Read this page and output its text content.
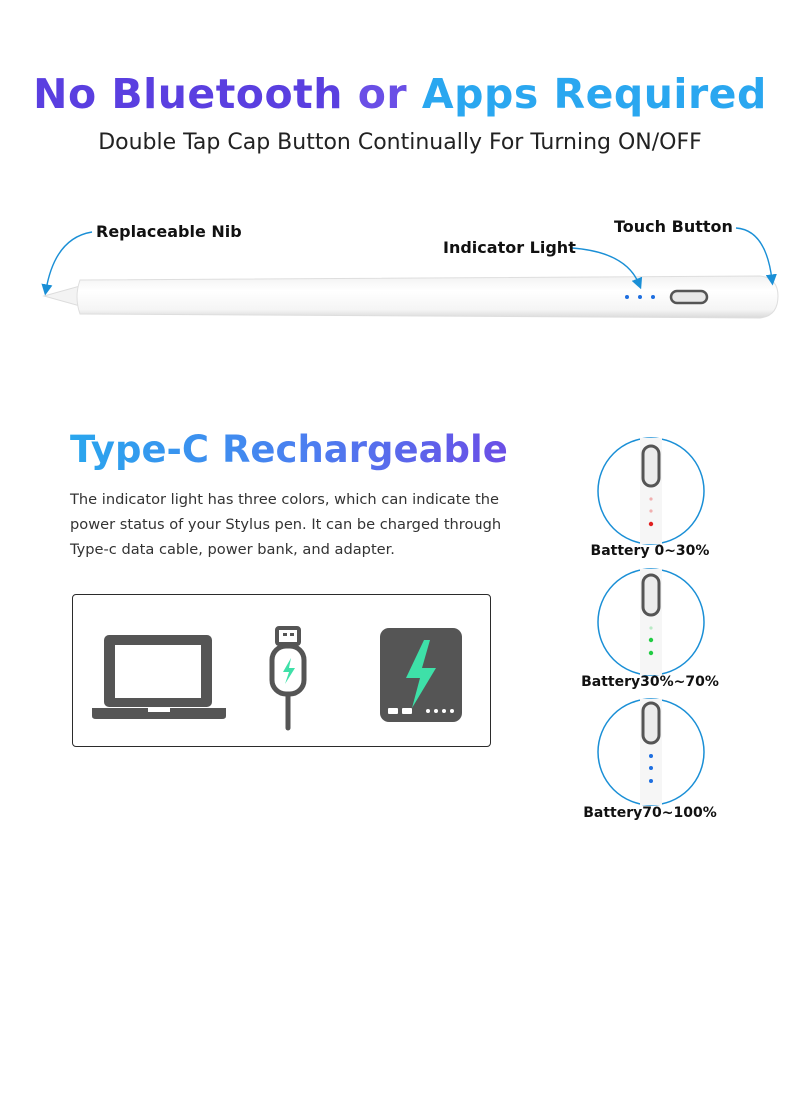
No Bluetooth or Apps Required
Double Tap Cap Button Continually For Turning ON/OFF
Replaceable Nib
Indicator Light
Touch Button
Type-C Rechargeable
The indicator light has three colors, which can indicate the power status of your Stylus pen. It can be charged through Type-c data cable, power bank, and adapter.	Battery 0~30%
Battery30%~70%
Battery70~100%
